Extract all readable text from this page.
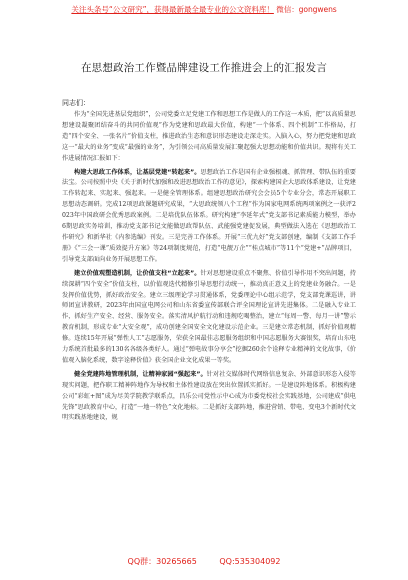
关注头条号“公文研究”，获得最新最全最专业的公文资料库！ 微信：gongwens
在思想政治工作暨品牌建设工作推进会上的汇报发言
同志们：

作为“全国先进基层党组织”，公司党委立足党建工作和思想工作是做人的工作这一本质，把“以高质量思想建设凝聚团结奋斗的共同价值观”作为党建和思政最大价值，构建“一个体系、四个机制”工作格局，打造“四个安全、一张名片”价值支柱，推进政治生态和意识形态建设走深走实。入脑入心，努力把党建和思政这一“最大的业务”变成“最强的业务”，为引领公司高质量发展汇聚起强大思想动能和价值共识。现将有关工作进展情况汇报如下：

构建大思政工作体系，让基层党建“转起来”。思想政治工作是国有企业强根魂、抓管理、带队伍的重要法宝。公司按照中央《关于新时代加强和改进思想政治工作的意见》，探索构建国企大思政体系建设，让党建工作转起来、实起来、强起来。一是健全管理体系。组建思想政治研究会会员5个专业分会，常态开展职工思想动态调研。完成12项思政课题研究成果，“大思政统领八个工程”作为国家电网系统两项案例之一获评2023年中国政研会优秀思政案例。二是培优队伍体系。研究构建“李延年式”党支部书记素质能力模型，举办6期思政实务培训，推动党支部书记文能做思政帮队伍、武能强党建促发展，典型做法入选在《思想政治工作研究》和新华社《内参选编》刊发。三是完善工作体系。开展“三优九好”党支部创建，编制《支部工作手册》《“三会一课”质效提升方案》等24项制度规范，打造“电靓万企”“桂点城市”等11个“党建+”品牌项目，引导党支部面向业务开展思想工作。

建立价值观塑造机制，让价值支柱“立起来”。针对思想建设重点不聚焦、价值引导作用不突出问题，持续深耕“四个安全”价值支柱，以价值观迭代精修引导思想行动统一，推动真正意义上的党建业务融合。一是发挥价值优势，抓好政治安全。建立三级理论学习贯通体系，党委理论中心组示范学，党支部党课巡讲，讲师团宣讲教研，2023年由国宣电网公司和山东省委宣传部联合评全国理论宣讲先进集体。二是融入专业工作，抓好生产安全、经营、服务安全。落实清风护航行动和违规吃喝整治，建立“每周一警、每月一讲”警示教育机制，形成专业“大安全观”，成功创建全国安全文化建设示范企业。三是建立常态机制，抓好价值观精修。连续15年开展“弹性人工”志愿服务，荣获全国最佳志愿服务组织和中国志愿服务大赛银奖，培育山东电力系统首批最多的130名各级各类好人。通过“弹电故事分享会”挖掘260余个诠释专业精神的文化故事，《价值观入脑化系统，数字诠释价值》获全国企业文化成果一等奖。

健全党建阵地管理机制，让精神家园“强起来”。针对社交媒体时代网络信息复杂、外部意识形态入侵等现实问题，把作职工精神阵地作为导权和主体性建设放在突出位置抓实抓好。一是建设阵地体系。积极构建公司“彩虹+图”成为尽美学院教学联系点，昌乐公司党性示中心成为市委党校社会实践基地，公司建成“供电先锋”思政教育中心，打造“一地一特色”文化地标。二是抓好支部阵地，推进营销、带电、变电3个新时代文明实践基地建设，规

QQ群：30265665	QQ:535304092
